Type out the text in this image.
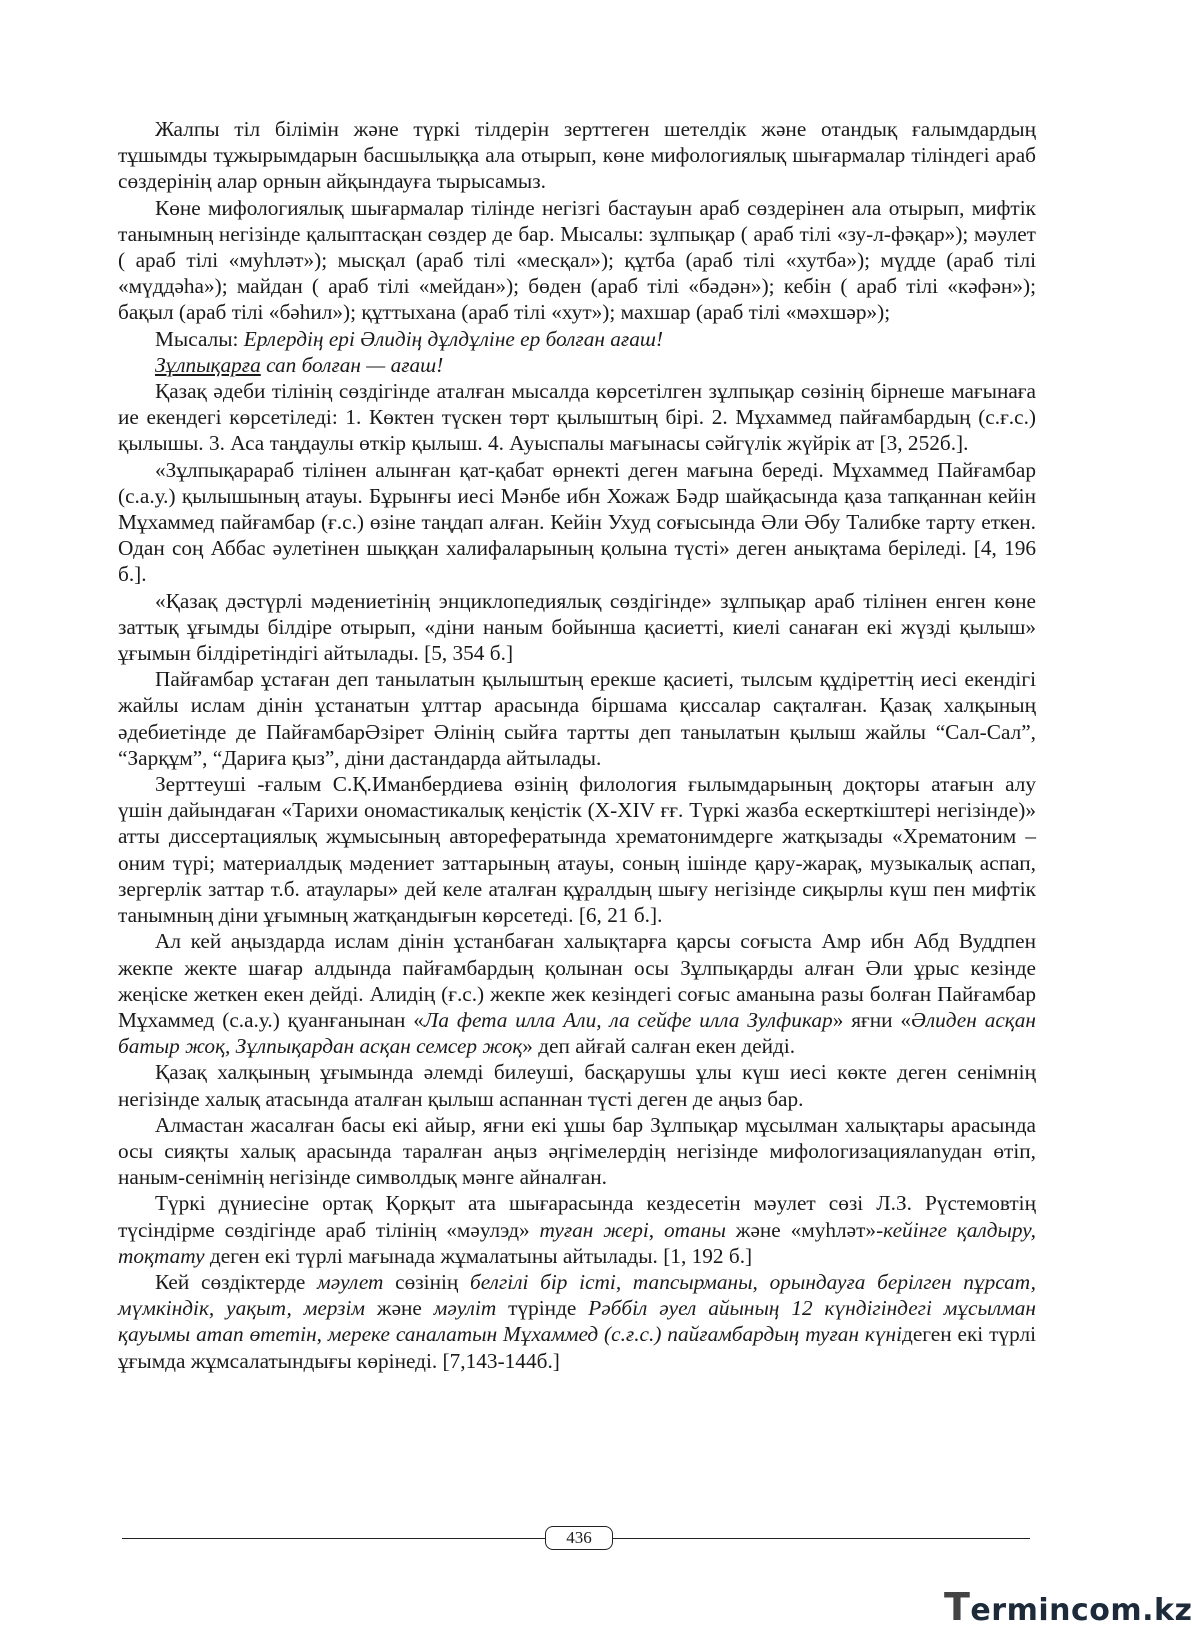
Жалпы тіл білімін және түркі тілдерін зерттеген шетелдік және отандық ғалымдардың тұшымды тұжырымдарын басшылыққа ала отырып, көне мифологиялық шығармалар тіліндегі араб сөздерінің алар орнын айқындауға тырысамыз.

Көне мифологиялық шығармалар тілінде негізгі бастауын араб сөздерінен ала отырып, мифтік танымның негізінде қалыптасқан сөздер де бар. Мысалы: зұлпықар ( араб тілі «зу-л-фәқар»); мәулет ( араб тілі «муһләт»); мысқал (араб тілі «месқал»); құтба (араб тілі «хутба»); мүдде (араб тілі «мүддәһа»); майдан ( араб тілі «мейдан»); бөден (араб тілі «бәдән»); кебін ( араб тілі «кәфән»); бақыл (араб тілі «бәһил»); құттыхана (араб тілі «хут»); махшар (араб тілі «мәхшәр»);

Мысалы: Ерлердің ері Әлидің дұлдұліне ер болған ағаш!

Зұлпықарға сап болған — ағаш!

Қазақ әдеби тілінің сөздігінде аталған мысалда көрсетілген зұлпықар сөзінің бірнеше мағынаға ие екендегі көрсетіледі: 1. Көктен түскен төрт қылыштың бірі. 2. Мұхаммед пайғамбардың (с.ғ.с.) қылышы. 3. Аса таңдаулы өткір қылыш. 4. Ауыспалы мағынасы сәйгүлік жүйрік ат [3, 252б.].

«Зұлпықарараб тілінен алынған қат-қабат өрнекті деген мағына береді. Мұхаммед Пайғамбар (с.а.у.) қылышының атауы. Бұрынғы иесі Мәнбе ибн Хожаж Бәдр шайқасында қаза тапқаннан кейін Мұхаммед пайғамбар (ғ.с.) өзіне таңдап алған. Кейін Ухуд соғысында Әли Әбу Талибке тарту еткен. Одан соң Аббас әулетінен шыққан халифаларының қолына түсті» деген анықтама беріледі. [4, 196 б.].

«Қазақ дәстүрлі мәдениетінің энциклопедиялық сөздігінде» зұлпықар араб тілінен енген көне заттық ұғымды білдіре отырып, «діни наным бойынша қасиетті, киелі санаған екі жүзді қылыш» ұғымын білдіретіндігі айтылады. [5, 354 б.]

Пайғамбар ұстаған деп танылатын қылыштың ерекше қасиеті, тылсым құдіреттің иесі екендігі жайлы ислам дінін ұстанатын ұлттар арасында біршама қиссалар сақталған. Қазақ халқының әдебиетінде де ПайғамбарӘзірет Әлінің сыйға тартты деп танылатын қылыш жайлы “Сал-Сал”, “Зарқұм”, “Дариға қыз”, діни дастандарда айтылады.

Зерттеуші -ғалым С.Қ.Иманбердиева өзінің филология ғылымдарының доқторы атағын алу үшін дайындаған «Тарихи ономастикалық кеңістік (X-XIV ғғ. Түркі жазба ескерткіштері негізінде)» атты диссертациялық жұмысының авторефератында хрематонимдерге жатқызады «Хрематоним – оним түрі; материалдық мәдениет заттарының атауы, соның ішінде қару-жарақ, музыкалық аспап, зергерлік заттар т.б. атаулары» дей келе аталған құралдың шығу негізінде сиқырлы күш пен мифтік танымның діни ұғымның жатқандығын көрсетеді. [6, 21 б.].

Ал кей аңыздарда ислам дінін ұстанбаған халықтарға қарсы соғыста Амр ибн Абд Вуддпен жекпе жекте шағар алдында пайғамбардың қолынан осы Зұлпықарды алған Әли ұрыс кезінде жеңіске жеткен екен дейді. Алидің (ғ.с.) жекпе жек кезіндегі соғыс аманына разы болған Пайғамбар Мұхаммед (с.а.у.) қуанғанынан «Ла фета илла Али, ла сейфе илла Зулфикар» яғни «Әлиден асқан батыр жоқ, Зұлпықардан асқан семсер жоқ» деп айғай салған екен дейді.

Қазақ халқының ұғымында әлемді билеуші, басқарушы ұлы күш иесі көкте деген сенімнің негізінде халық атасында аталған қылыш аспаннан түсті деген де аңыз бар.

Алмастан жасалған басы екі айыр, яғни екі ұшы бар Зұлпықар мұсылман халықтары арасында осы сияқты халық арасында таралған аңыз әңгімелердің негізінде мифологизациялanудан өтіп, наным-сенімнің негізінде символдық мәнге айналған.

Түркі дүниесіне ортақ Қорқыт ата шығарасында кездесетін мәулет сөзі Л.З. Рүстемовтің түсіндірме сөздігінде араб тілінің «мәулэд» туған жері, отаны және «муһләт»-кейінге қалдыру, тоқтату деген екі түрлі мағынада жұмалатыны айтылады. [1, 192 б.]

Кей сөздіктерде мәулет сөзінің белгілі бір істі, тапсырманы, орындауға берілген пұрсат, мүмкіндік, уақыт, мерзім және мәуліт түрінде Рәббіл әуел айының 12 күндігіндегі мұсылман қауымы атап өтетін, мереке саналатын Мұхаммед (с.ғ.с.) пайғамбардың туған күнідеген екі түрлі ұғымда жұмсалатындығы көрінеді. [7,143-144б.]

436
Termincom.kz
